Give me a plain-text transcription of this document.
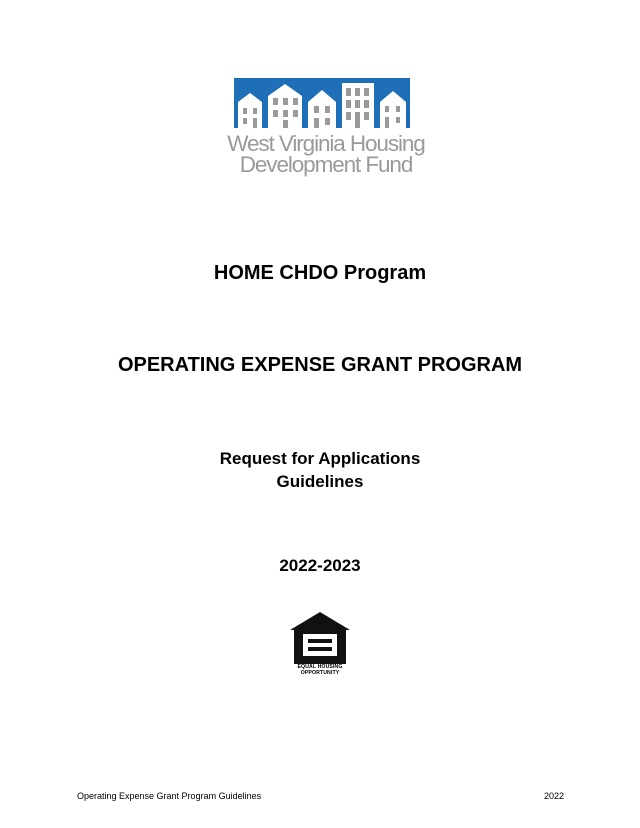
West Virginia Housing
Development Fund
HOME CHDO Program
OPERATING EXPENSE GRANT PROGRAM
Request for Applications
Guidelines
2022-2023
EQUAL HOUSING
OPPORTUNITY
Operating Expense Grant Program Guidelines	2022
